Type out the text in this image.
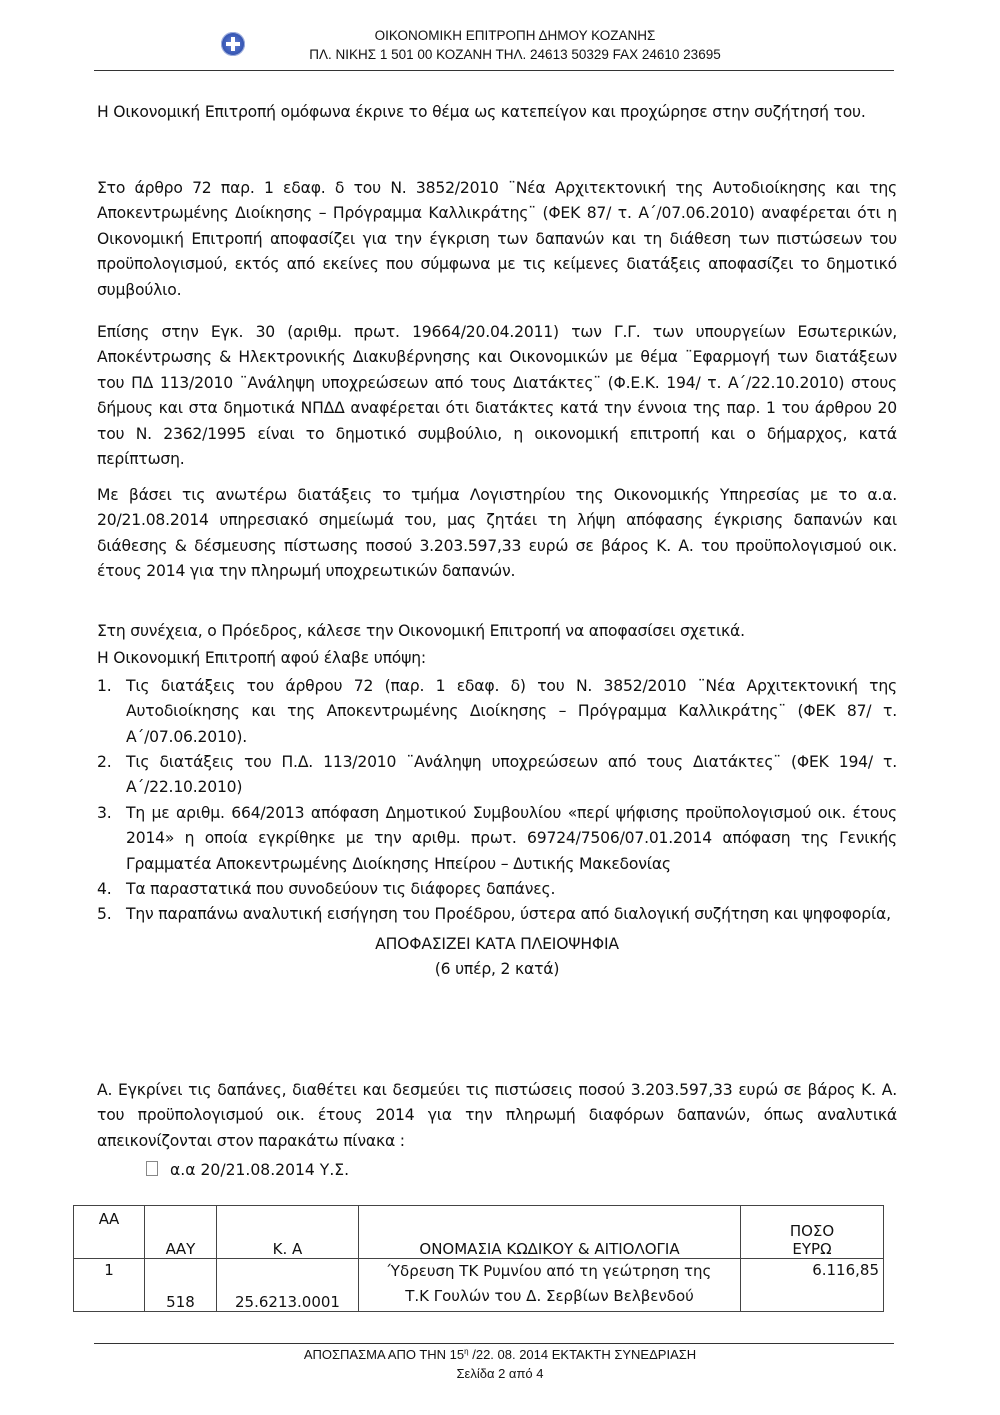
ΟΙΚΟΝΟΜΙΚΗ ΕΠΙΤΡΟΠΗ ΔΗΜΟΥ ΚΟΖΑΝΗΣ
ΠΛ. ΝΙΚΗΣ 1 501 00 ΚΟΖΑΝΗ ΤΗΛ. 24613 50329 FAX 24610 23695

Η Οικονομική Επιτροπή ομόφωνα έκρινε το θέμα ως κατεπείγον και προχώρησε στην συζήτησή του.

Στο άρθρο 72 παρ. 1 εδαφ. δ του Ν. 3852/2010 ¨Νέα Αρχιτεκτονική της Αυτοδιοίκησης και της Αποκεντρωμένης Διοίκησης – Πρόγραμμα Καλλικράτης¨ (ΦΕΚ 87/ τ. Α΄/07.06.2010) αναφέρεται ότι η Οικονομική Επιτροπή αποφασίζει για την έγκριση των δαπανών και τη διάθεση των πιστώσεων του προϋπολογισμού, εκτός από εκείνες που σύμφωνα με τις κείμενες διατάξεις αποφασίζει το δημοτικό συμβούλιο.

Επίσης στην Εγκ. 30 (αριθμ. πρωτ. 19664/20.04.2011) των Γ.Γ. των υπουργείων Εσωτερικών, Αποκέντρωσης & Ηλεκτρονικής Διακυβέρνησης και Οικονομικών με θέμα ¨Εφαρμογή των διατάξεων του ΠΔ 113/2010 ¨Ανάληψη υποχρεώσεων από τους Διατάκτες¨ (Φ.Ε.Κ. 194/ τ. Α΄/22.10.2010) στους δήμους και στα δημοτικά ΝΠΔΔ αναφέρεται ότι διατάκτες κατά την έννοια της παρ. 1 του άρθρου 20 του Ν. 2362/1995 είναι το δημοτικό συμβούλιο, η οικονομική επιτροπή και ο δήμαρχος, κατά περίπτωση.

Με βάσει τις ανωτέρω διατάξεις το τμήμα Λογιστηρίου της Οικονομικής Υπηρεσίας με το α.α. 20/21.08.2014 υπηρεσιακό σημείωμά του, μας ζητάει τη λήψη απόφασης έγκρισης δαπανών και διάθεσης & δέσμευσης πίστωσης ποσού 3.203.597,33 ευρώ σε βάρος Κ. Α. του προϋπολογισμού οικ. έτους 2014 για την πληρωμή υποχρεωτικών δαπανών.

Στη συνέχεια, ο Πρόεδρος, κάλεσε την Οικονομική Επιτροπή να αποφασίσει σχετικά.

Η Οικονομική Επιτροπή αφού έλαβε υπόψη:

1. Τις διατάξεις του άρθρου 72 (παρ. 1 εδαφ. δ) του Ν. 3852/2010 ¨Νέα Αρχιτεκτονική της Αυτοδιοίκησης και της Αποκεντρωμένης Διοίκησης – Πρόγραμμα Καλλικράτης¨ (ΦΕΚ 87/ τ. Α΄/07.06.2010).
2. Τις διατάξεις του Π.Δ. 113/2010 ¨Ανάληψη υποχρεώσεων από τους Διατάκτες¨ (ΦΕΚ 194/ τ. Α΄/22.10.2010)
3. Τη με αριθμ. 664/2013 απόφαση Δημοτικού Συμβουλίου «περί ψήφισης προϋπολογισμού οικ. έτους 2014» η οποία εγκρίθηκε με την αριθμ. πρωτ. 69724/7506/07.01.2014 απόφαση της Γενικής Γραμματέα Αποκεντρωμένης Διοίκησης Ηπείρου – Δυτικής Μακεδονίας
4. Τα παραστατικά που συνοδεύουν τις διάφορες δαπάνες.
5. Την παραπάνω αναλυτική εισήγηση του Προέδρου, ύστερα από διαλογική συζήτηση και ψηφοφορία,

ΑΠΟΦΑΣΙΖΕΙ ΚΑΤΑ ΠΛΕΙΟΨΗΦΙΑ

(6 υπέρ, 2 κατά)

Α. Εγκρίνει τις δαπάνες, διαθέτει και δεσμεύει τις πιστώσεις ποσού 3.203.597,33 ευρώ σε βάρος Κ. Α. του προϋπολογισμού οικ. έτους 2014 για την πληρωμή διαφόρων δαπανών, όπως αναλυτικά απεικονίζονται στον παρακάτω πίνακα :

α.α 20/21.08.2014 Υ.Σ.
ΑΑ	ΑΑΥ	Κ. Α	ΟΝΟΜΑΣΙΑ ΚΩΔΙΚΟΥ & ΑΙΤΙΟΛΟΓΙΑ	ΠΟΣΟ
ΕΥΡΩ

1	518	25.6213.0001	Ύδρευση ΤΚ Ρυμνίου από τη γεώτρηση της
Τ.Κ Γουλών του Δ. Σερβίων Βελβενδού	6.116,85
ΑΠΟΣΠΑΣΜΑ ΑΠΟ ΤΗΝ $15^\eta$ /22. 08. 2014 ΕΚΤΑΚΤΗ ΣΥΝΕΔΡΙΑΣΗ
Σελίδα 2 από 4
